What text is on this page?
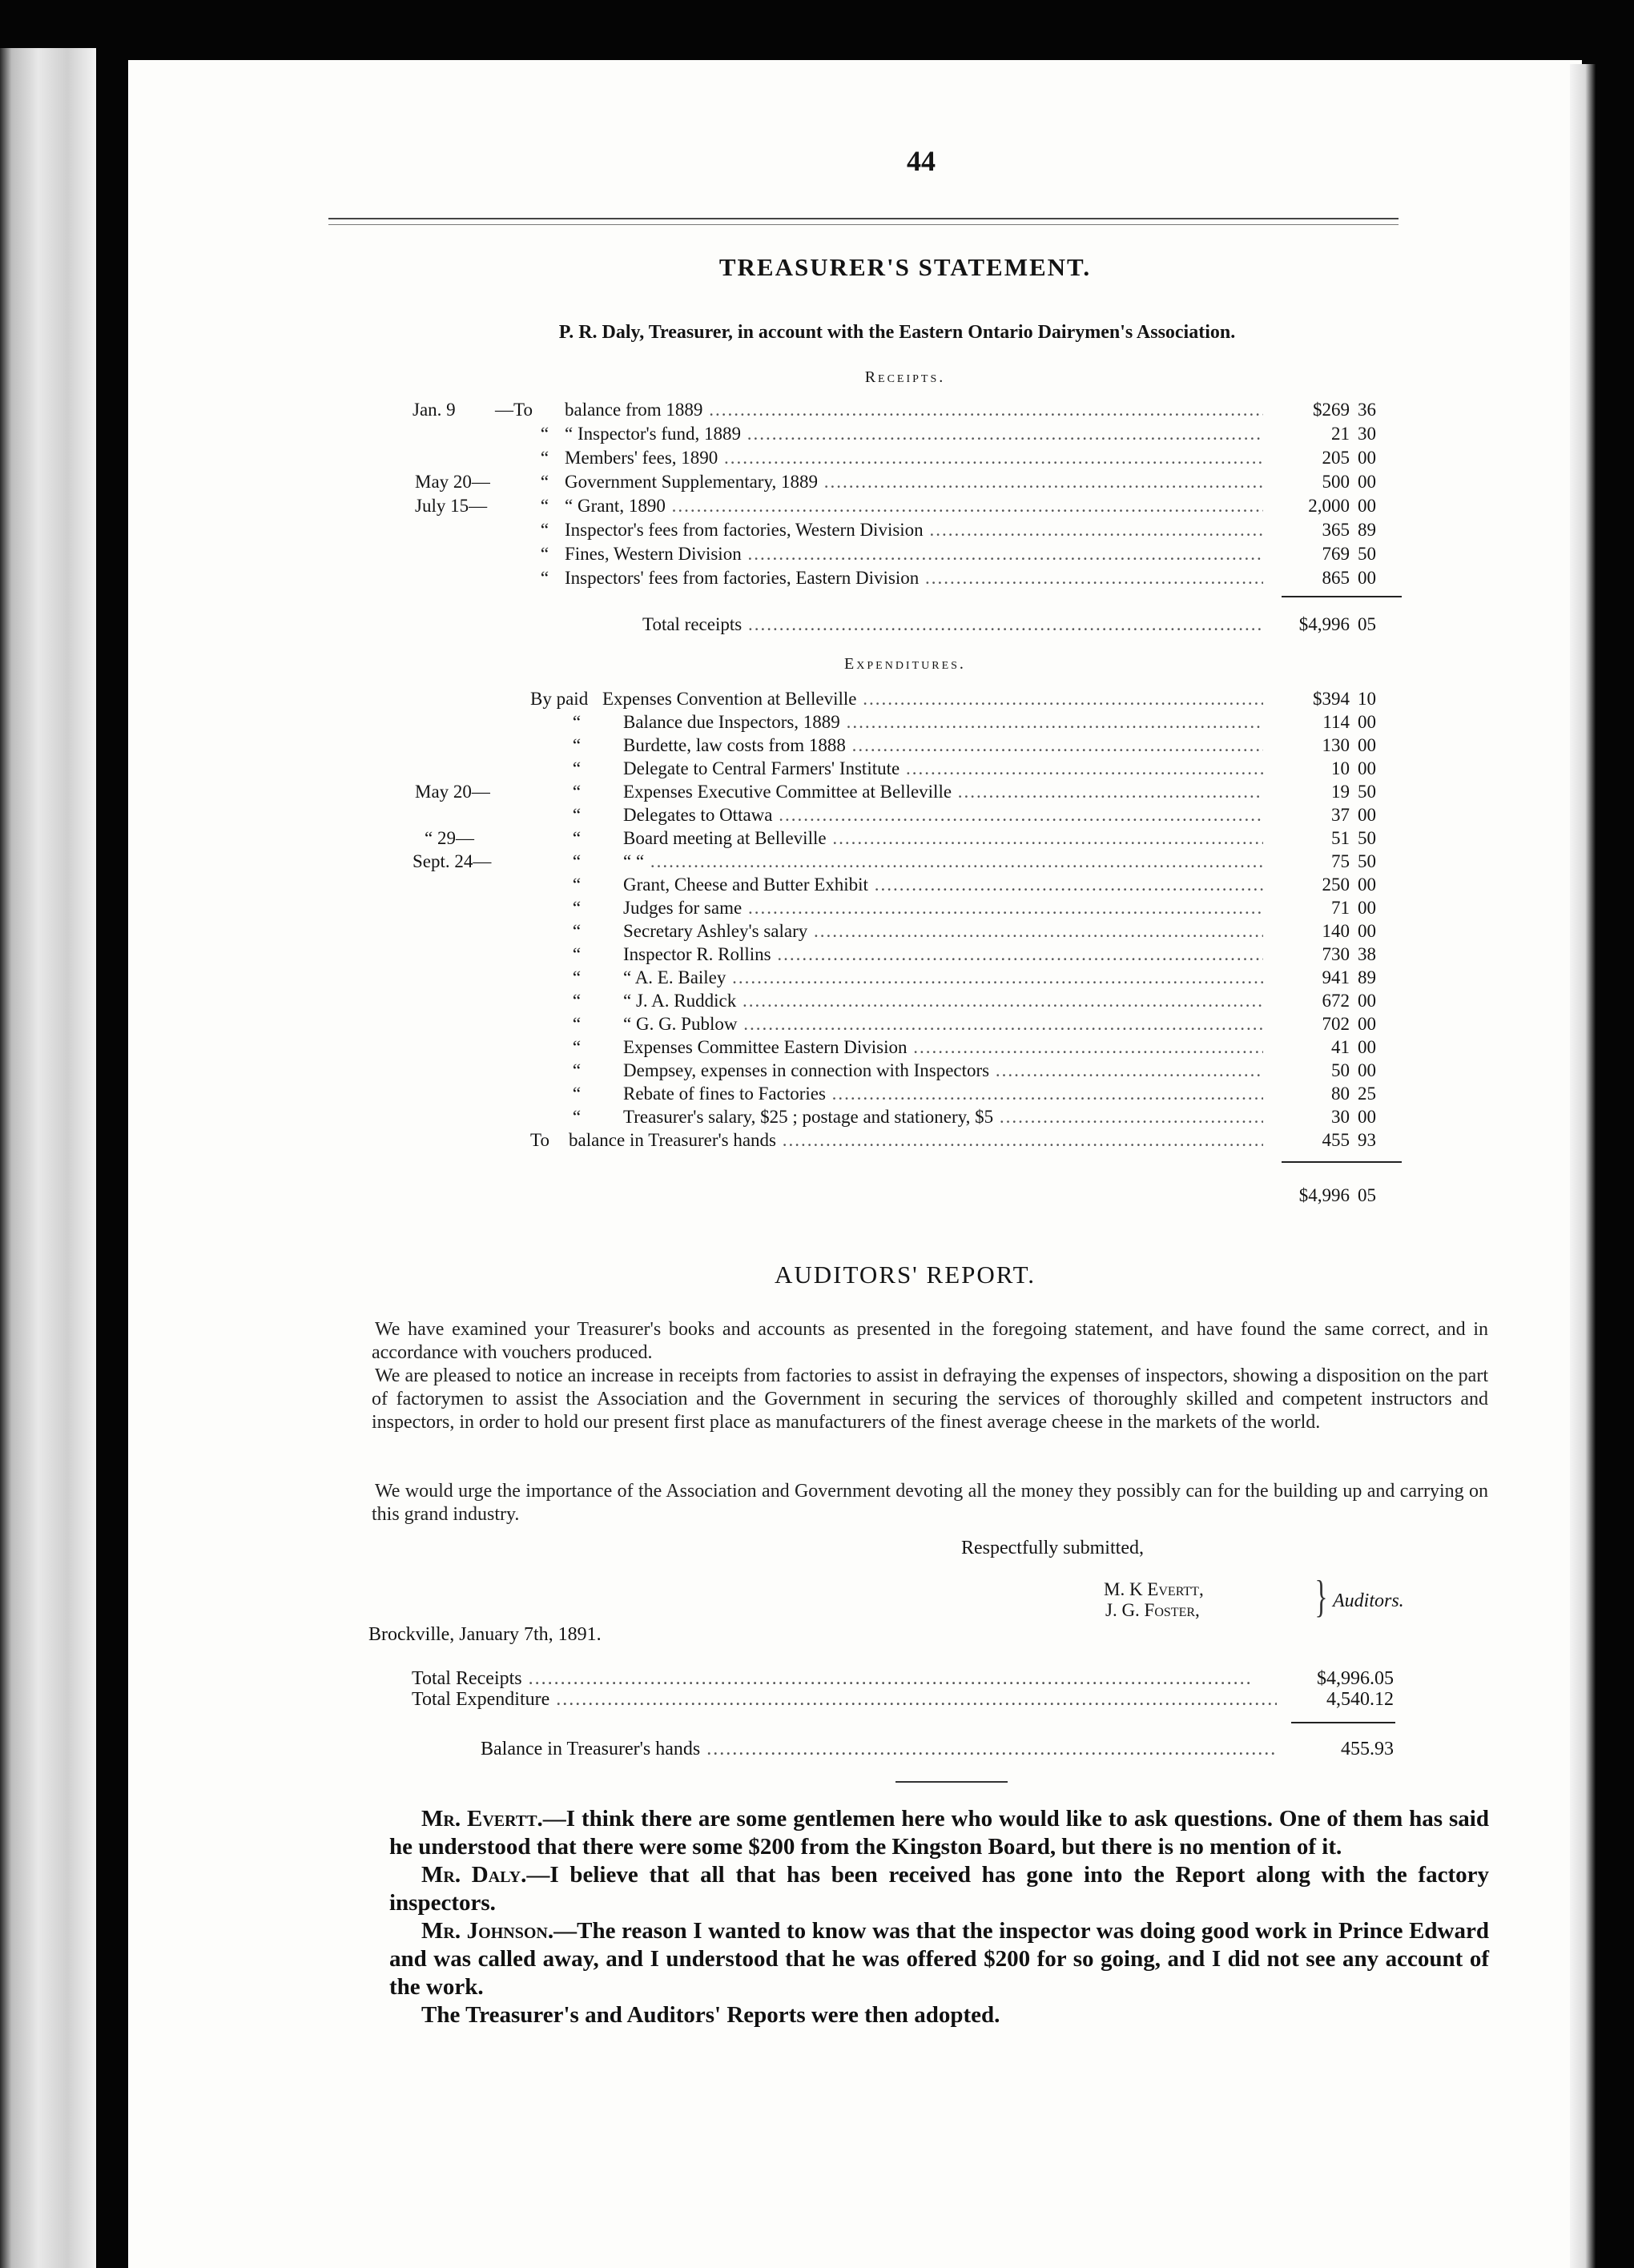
44
TREASURER'S STATEMENT.
P. R. Daly, Treasurer, in account with the Eastern Ontario Dairymen's Association.
Receipts.
Jan. 9	—To	balance from 1889 .....	$269 36
“ “ Inspector's fund, 1889 .....	21 30
“ Members' fees, 1890 .....	205 00
May 20—	“ Government Supplementary, 1889 .....	500 00
July 15—	“ “ Grant, 1890 .....	2,000 00
“ Inspector's fees from factories, Western Division .....	365 89
“ Fines, Western Division .....	769 50
“ Inspectors' fees from factories, Eastern Division .....	865 00
Total receipts .....	$4,996 05
Expenditures.
By paid Expenses Convention at Belleville .....	$394 10
“	Balance due Inspectors, 1889 .....	114 00
“	Burdette, law costs from 1888 .....	130 00
“	Delegate to Central Farmers' Institute .....	10 00
May 20—	“	Expenses Executive Committee at Belleville .....	19 50
“	Delegates to Ottawa .....	37 00
“ 29—	“	Board meeting at Belleville .....	51 50
Sept. 24—	“	“ “ .....	75 50
“	Grant, Cheese and Butter Exhibit .....	250 00
“	Judges for same .....	71 00
“	Secretary Ashley's salary .....	140 00
“	Inspector R. Rollins .....	730 38
“	“ A. E. Bailey .....	941 89
“	“ J. A. Ruddick .....	672 00
“	“ G. G. Publow .....	702 00
“	Expenses Committee Eastern Division .....	41 00
“	Dempsey, expenses in connection with Inspectors .....	50 00
“	Rebate of fines to Factories .....	80 25
“	Treasurer's salary, $25 ; postage and stationery, $5 .....	30 00
To	balance in Treasurer's hands .....	455 93
$4,996 05
AUDITORS' REPORT.
We have examined your Treasurer's books and accounts as presented in the foregoing statement, and have found the same correct, and in accordance with vouchers produced.
We are pleased to notice an increase in receipts from factories to assist in defraying the expenses of inspectors, showing a disposition on the part of factorymen to assist the Association and the Government in securing the services of thoroughly skilled and competent instructors and inspectors, in order to hold our present first place as manufacturers of the finest average cheese in the markets of the world.
We would urge the importance of the Association and Government devoting all the money they possibly can for the building up and carrying on this grand industry.
Respectfully submitted,
M. K Evertt,
J. G. Foster,	} Auditors.
Brockville, January 7th, 1891.
Total Receipts .....	$4,996.05
Total Expenditure .....	4,540.12
Balance in Treasurer's hands .....	455.93

Mr. Evertt.—I think there are some gentlemen here who would like to ask questions. One of them has said he understood that there were some $200 from the Kingston Board, but there is no mention of it.

Mr. Daly.—I believe that all that has been received has gone into the Report along with the factory inspectors.

Mr. Johnson.—The reason I wanted to know was that the inspector was doing good work in Prince Edward and was called away, and I understood that he was offered $200 for so going, and I did not see any account of the work.

The Treasurer's and Auditors' Reports were then adopted.
